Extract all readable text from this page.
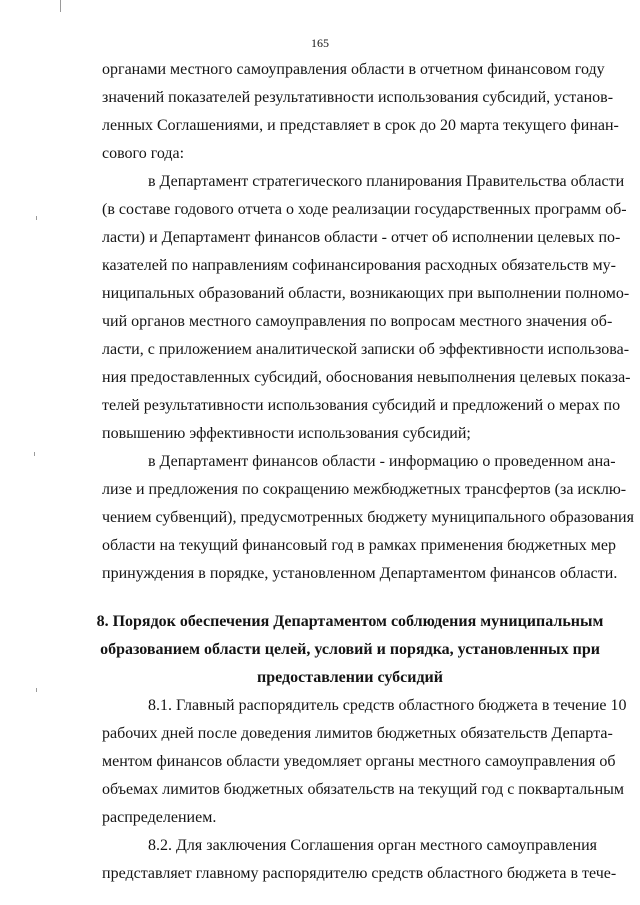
165
органами местного самоуправления области в отчетном финансовом году
значений показателей результативности использования субсидий, установ-
ленных Соглашениями, и представляет в срок до 20 марта текущего финан-
сового года:
в Департамент стратегического планирования Правительства области
(в составе годового отчета о ходе реализации государственных программ об-
ласти) и Департамент финансов области - отчет об исполнении целевых по-
казателей по направлениям софинансирования расходных обязательств му-
ниципальных образований области, возникающих при выполнении полномо-
чий органов местного самоуправления по вопросам местного значения об-
ласти, с приложением аналитической записки об эффективности использова-
ния предоставленных субсидий, обоснования невыполнения целевых показа-
телей результативности использования субсидий и предложений о мерах по
повышению эффективности использования субсидий;
в Департамент финансов области - информацию о проведенном ана-
лизе и предложения по сокращению межбюджетных трансфертов (за исклю-
чением субвенций), предусмотренных бюджету муниципального образования
области на текущий финансовый год в рамках применения бюджетных мер
принуждения в порядке, установленном Департаментом финансов области.
8. Порядок обеспечения Департаментом соблюдения муниципальным
образованием области целей, условий и порядка, установленных при
предоставлении субсидий
8.1. Главный распорядитель средств областного бюджета в течение 10
рабочих дней после доведения лимитов бюджетных обязательств Департа-
ментом финансов области уведомляет органы местного самоуправления об
объемах лимитов бюджетных обязательств на текущий год с поквартальным
распределением.
8.2. Для заключения Соглашения орган местного самоуправления
представляет главному распорядителю средств областного бюджета в тече-
